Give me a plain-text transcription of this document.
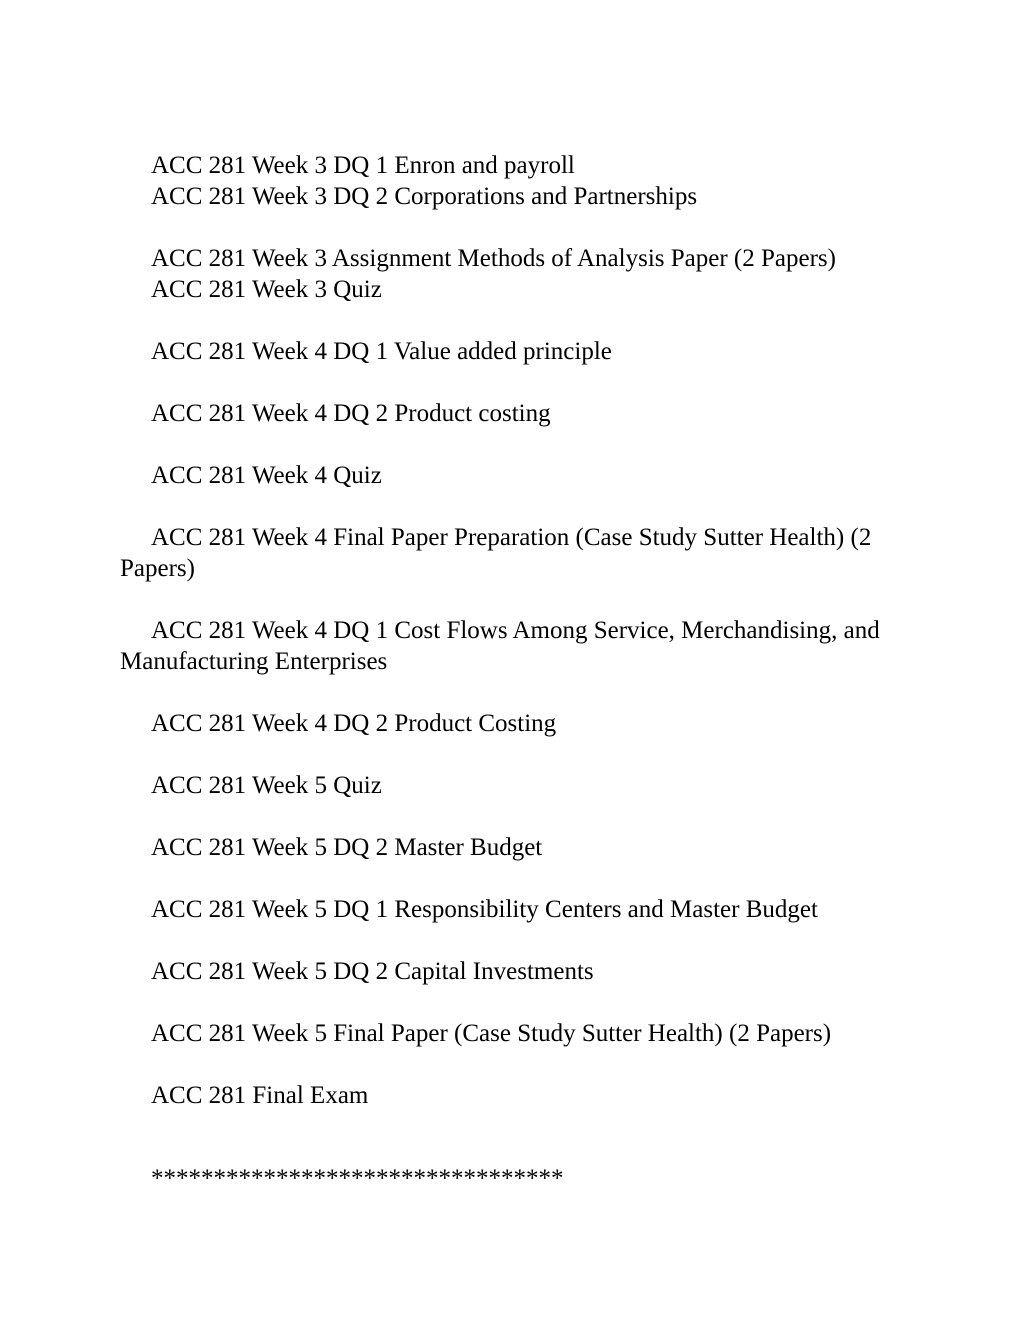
ACC 281 Week 3 DQ 1 Enron and payroll

ACC 281 Week 3 DQ 2 Corporations and Partnerships

ACC 281 Week 3 Assignment Methods of Analysis Paper (2 Papers)

ACC 281 Week 3 Quiz

ACC 281 Week 4 DQ 1 Value added principle

ACC 281 Week 4 DQ 2 Product costing

ACC 281 Week 4 Quiz

ACC 281 Week 4 Final Paper Preparation (Case Study Sutter Health) (2 Papers)

ACC 281 Week 4 DQ 1 Cost Flows Among Service, Merchandising, and Manufacturing Enterprises

ACC 281 Week 4 DQ 2 Product Costing

ACC 281 Week 5 Quiz

ACC 281 Week 5 DQ 2 Master Budget

ACC 281 Week 5 DQ 1 Responsibility Centers and Master Budget

ACC 281 Week 5 DQ 2 Capital Investments

ACC 281 Week 5 Final Paper (Case Study Sutter Health) (2 Papers)

ACC 281 Final Exam

*********************************
